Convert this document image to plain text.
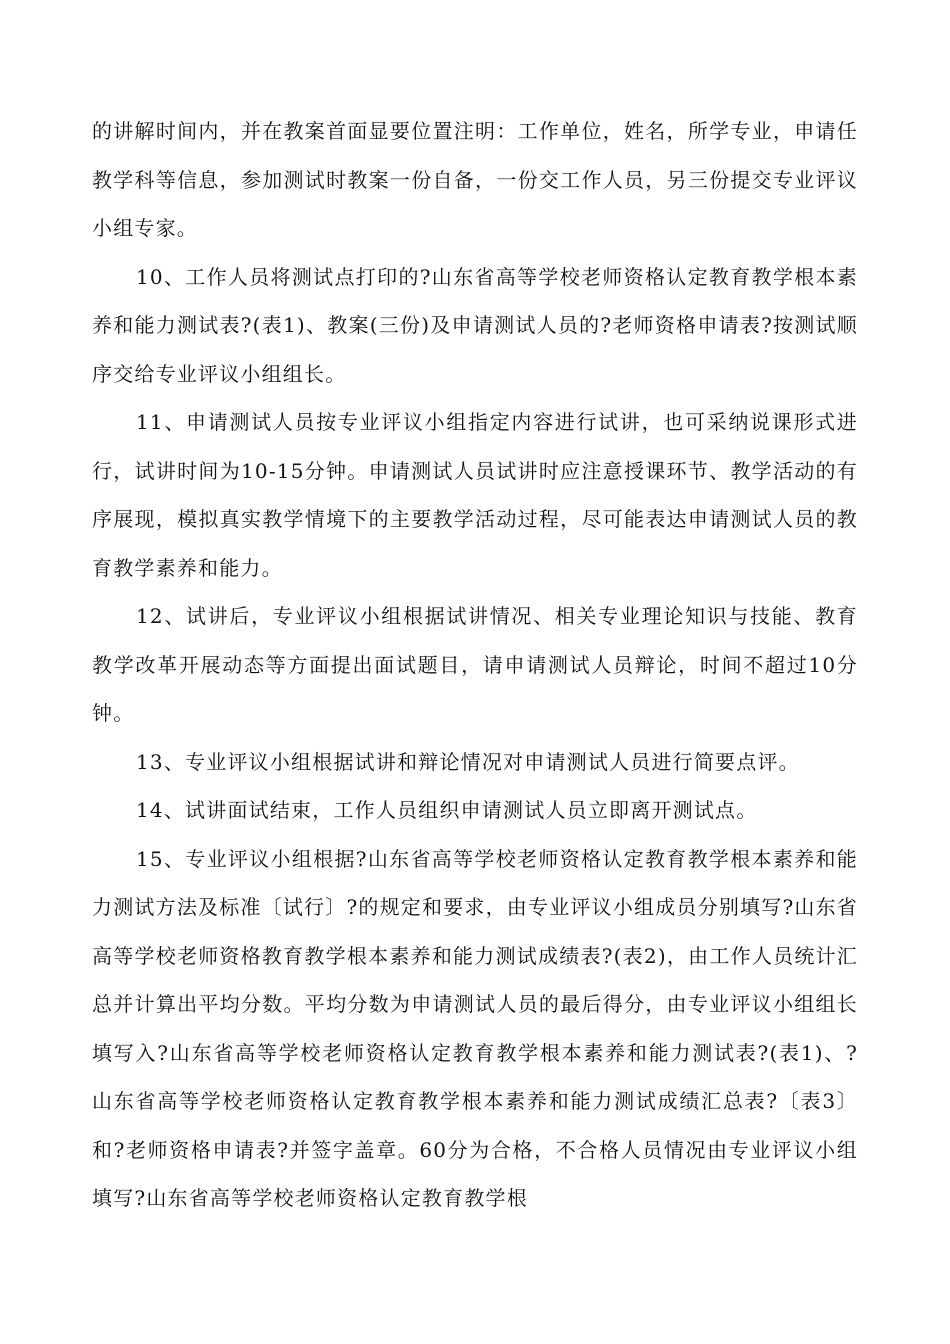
的讲解时间内，并在教案首面显要位置注明：工作单位，姓名，所学专业，申请任教学科等信息，参加测试时教案一份自备，一份交工作人员，另三份提交专业评议小组专家。

10、工作人员将测试点打印的?山东省高等学校老师资格认定教育教学根本素养和能力测试表?(表1)、教案(三份)及申请测试人员的?老师资格申请表?按测试顺序交给专业评议小组组长。

11、申请测试人员按专业评议小组指定内容进行试讲，也可采纳说课形式进行，试讲时间为10-15分钟。申请测试人员试讲时应注意授课环节、教学活动的有序展现，模拟真实教学情境下的主要教学活动过程，尽可能表达申请测试人员的教育教学素养和能力。

12、试讲后，专业评议小组根据试讲情况、相关专业理论知识与技能、教育教学改革开展动态等方面提出面试题目，请申请测试人员辩论，时间不超过10分钟。

13、专业评议小组根据试讲和辩论情况对申请测试人员进行简要点评。

14、试讲面试结束，工作人员组织申请测试人员立即离开测试点。

15、专业评议小组根据?山东省高等学校老师资格认定教育教学根本素养和能力测试方法及标准〔试行〕?的规定和要求，由专业评议小组成员分别填写?山东省高等学校老师资格教育教学根本素养和能力测试成绩表?(表2)，由工作人员统计汇总并计算出平均分数。平均分数为申请测试人员的最后得分，由专业评议小组组长填写入?山东省高等学校老师资格认定教育教学根本素养和能力测试表?(表1)、?山东省高等学校老师资格认定教育教学根本素养和能力测试成绩汇总表?〔表3〕和?老师资格申请表?并签字盖章。60分为合格，不合格人员情况由专业评议小组填写?山东省高等学校老师资格认定教育教学根
